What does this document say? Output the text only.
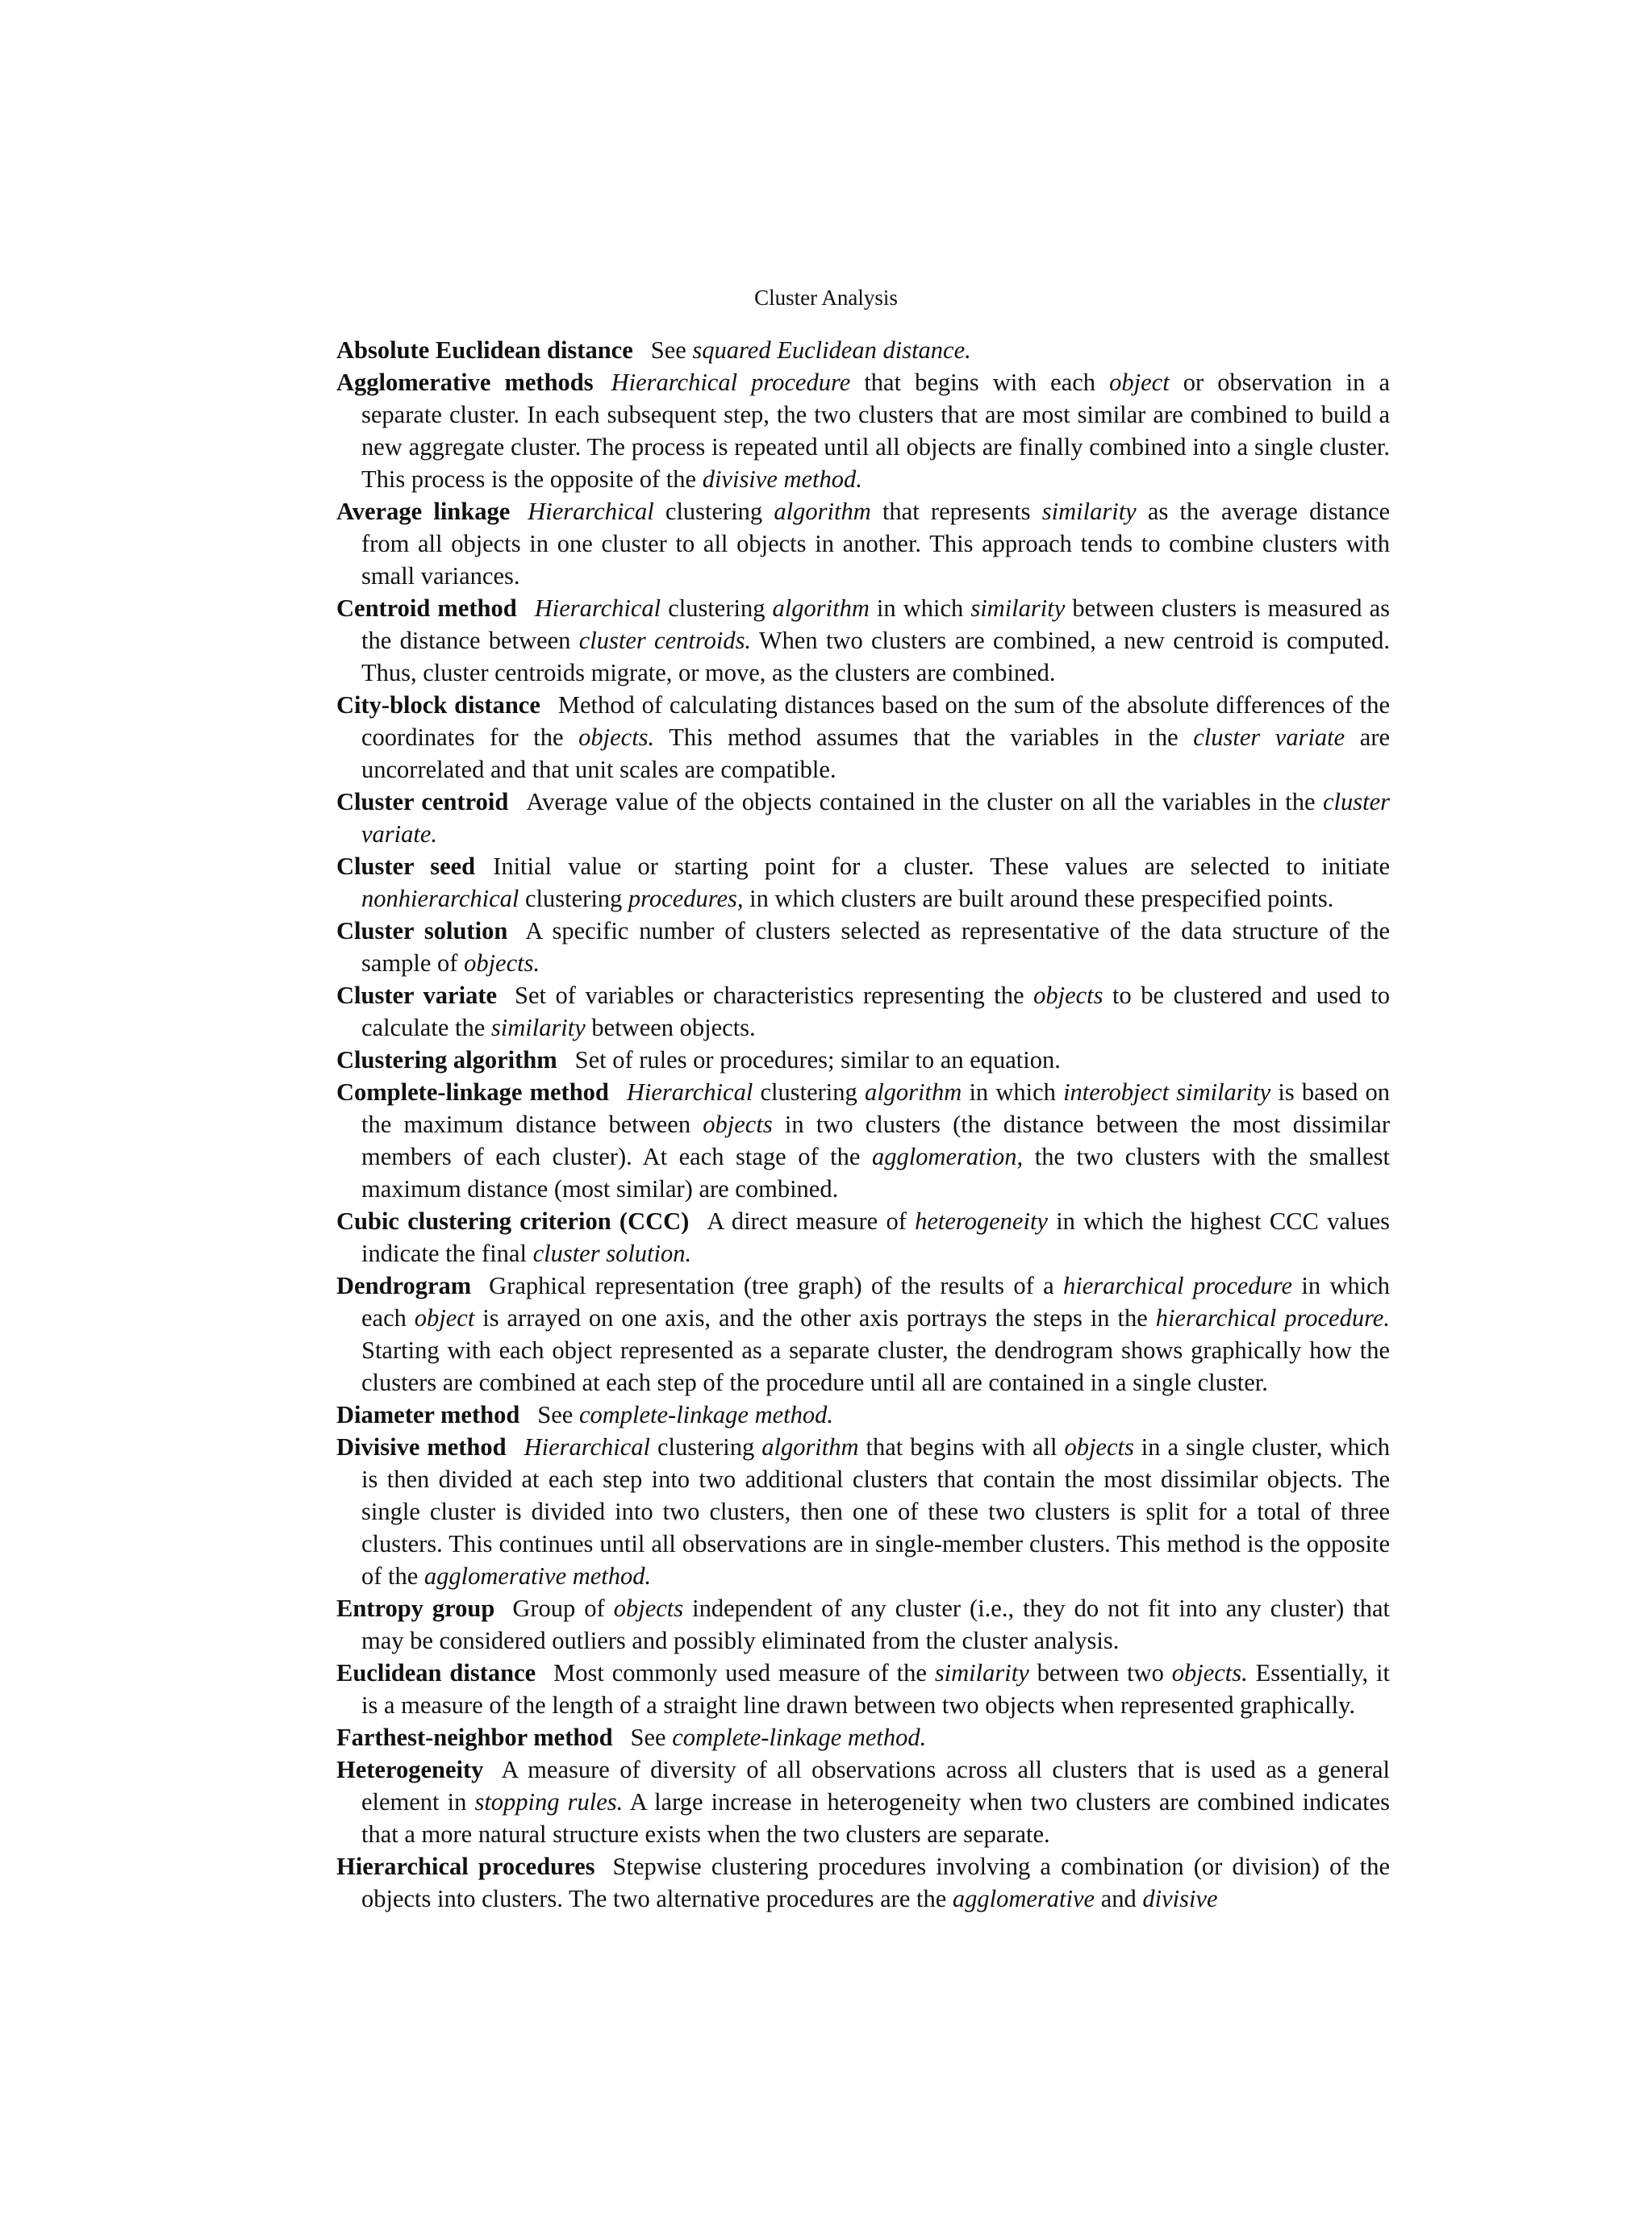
Cluster Analysis

Absolute Euclidean distance See squared Euclidean distance.

Agglomerative methods Hierarchical procedure that begins with each object or observation in a separate cluster. In each subsequent step, the two clusters that are most similar are combined to build a new aggregate cluster. The process is repeated until all objects are finally combined into a single cluster. This process is the opposite of the divisive method.

Average linkage Hierarchical clustering algorithm that represents similarity as the average distance from all objects in one cluster to all objects in another. This approach tends to combine clusters with small variances.

Centroid method Hierarchical clustering algorithm in which similarity between clusters is measured as the distance between cluster centroids. When two clusters are combined, a new centroid is computed. Thus, cluster centroids migrate, or move, as the clusters are combined.

City-block distance Method of calculating distances based on the sum of the absolute differences of the coordinates for the objects. This method assumes that the variables in the cluster variate are uncorrelated and that unit scales are compatible.

Cluster centroid Average value of the objects contained in the cluster on all the variables in the cluster variate.

Cluster seed Initial value or starting point for a cluster. These values are selected to initiate nonhierarchical clustering procedures, in which clusters are built around these prespecified points.

Cluster solution A specific number of clusters selected as representative of the data structure of the sample of objects.

Cluster variate Set of variables or characteristics representing the objects to be clustered and used to calculate the similarity between objects.

Clustering algorithm Set of rules or procedures; similar to an equation.

Complete-linkage method Hierarchical clustering algorithm in which interobject similarity is based on the maximum distance between objects in two clusters (the distance between the most dissimilar members of each cluster). At each stage of the agglomeration, the two clusters with the smallest maximum distance (most similar) are combined.

Cubic clustering criterion (CCC) A direct measure of heterogeneity in which the highest CCC values indicate the final cluster solution.

Dendrogram Graphical representation (tree graph) of the results of a hierarchical procedure in which each object is arrayed on one axis, and the other axis portrays the steps in the hierarchical procedure. Starting with each object represented as a separate cluster, the dendrogram shows graphically how the clusters are combined at each step of the procedure until all are contained in a single cluster.

Diameter method See complete-linkage method.

Divisive method Hierarchical clustering algorithm that begins with all objects in a single cluster, which is then divided at each step into two additional clusters that contain the most dissimilar objects. The single cluster is divided into two clusters, then one of these two clusters is split for a total of three clusters. This continues until all observations are in single-member clusters. This method is the opposite of the agglomerative method.

Entropy group Group of objects independent of any cluster (i.e., they do not fit into any cluster) that may be considered outliers and possibly eliminated from the cluster analysis.

Euclidean distance Most commonly used measure of the similarity between two objects. Essentially, it is a measure of the length of a straight line drawn between two objects when represented graphically.

Farthest-neighbor method See complete-linkage method.

Heterogeneity A measure of diversity of all observations across all clusters that is used as a general element in stopping rules. A large increase in heterogeneity when two clusters are combined indicates that a more natural structure exists when the two clusters are separate.

Hierarchical procedures Stepwise clustering procedures involving a combination (or division) of the objects into clusters. The two alternative procedures are the agglomerative and divisive
